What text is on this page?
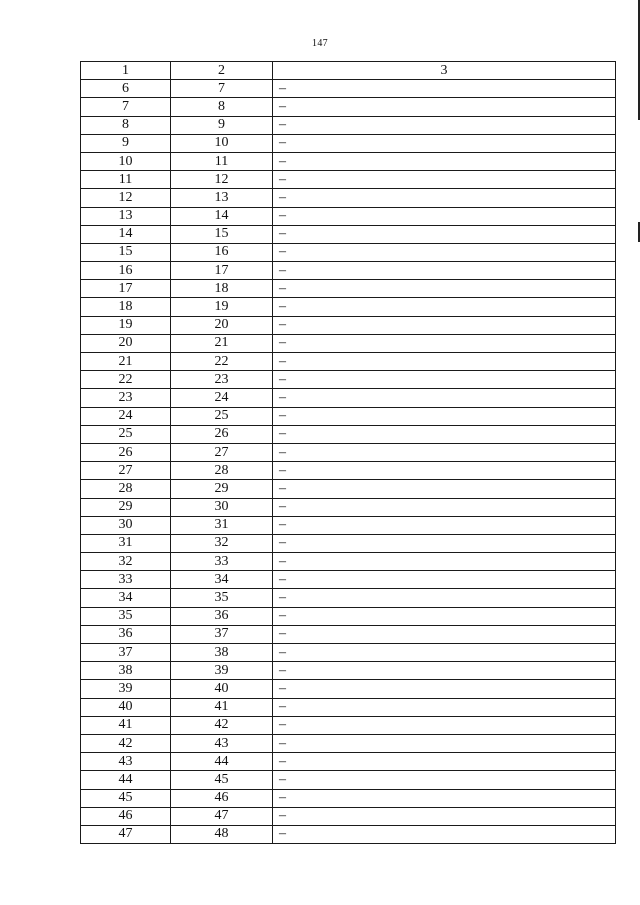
147
1	2	3
6	7	–
7	8	–
8	9	–
9	10	–
10	11	–
11	12	–
12	13	–
13	14	–
14	15	–
15	16	–
16	17	–
17	18	–
18	19	–
19	20	–
20	21	–
21	22	–
22	23	–
23	24	–
24	25	–
25	26	–
26	27	–
27	28	–
28	29	–
29	30	–
30	31	–
31	32	–
32	33	–
33	34	–
34	35	–
35	36	–
36	37	–
37	38	–
38	39	–
39	40	–
40	41	–
41	42	–
42	43	–
43	44	–
44	45	–
45	46	–
46	47	–
47	48	–
